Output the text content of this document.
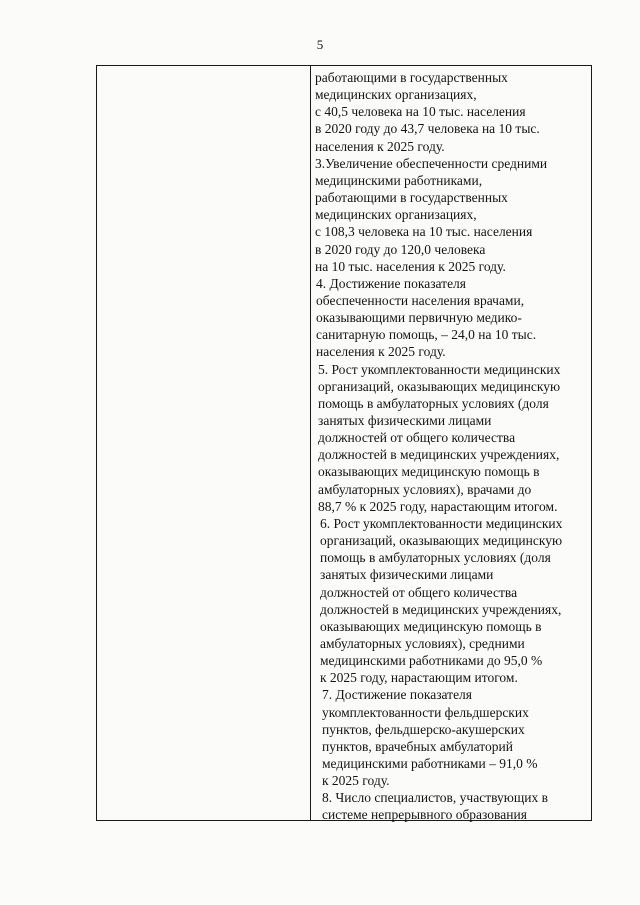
5
работающими в государственных
медицинских организациях,
с 40,5 человека на 10 тыс. населения
в 2020 году до 43,7 человека на 10 тыс.
населения к 2025 году.
3.Увеличение обеспеченности средними
медицинскими работниками,
работающими в государственных
медицинских организациях,
с 108,3 человека на 10 тыс. населения
в 2020 году до 120,0 человека
на 10 тыс. населения к 2025 году.
4. Достижение показателя
обеспеченности населения врачами,
оказывающими первичную медико-
санитарную помощь, – 24,0 на 10 тыс.
населения к 2025 году.
5. Рост укомплектованности медицинских
организаций, оказывающих медицинскую
помощь в амбулаторных условиях (доля
занятых физическими лицами
должностей от общего количества
должностей в медицинских учреждениях,
оказывающих медицинскую помощь в
амбулаторных условиях), врачами до
88,7 % к 2025 году, нарастающим итогом.
6. Рост укомплектованности медицинских
организаций, оказывающих медицинскую
помощь в амбулаторных условиях (доля
занятых физическими лицами
должностей от общего количества
должностей в медицинских учреждениях,
оказывающих медицинскую помощь в
амбулаторных условиях), средними
медицинскими работниками до 95,0 %
к 2025 году, нарастающим итогом.
7. Достижение показателя
укомплектованности фельдшерских
пунктов, фельдшерско-акушерских
пунктов, врачебных амбулаторий
медицинскими работниками – 91,0 %
к 2025 году.
8. Число специалистов, участвующих в
системе непрерывного образования
